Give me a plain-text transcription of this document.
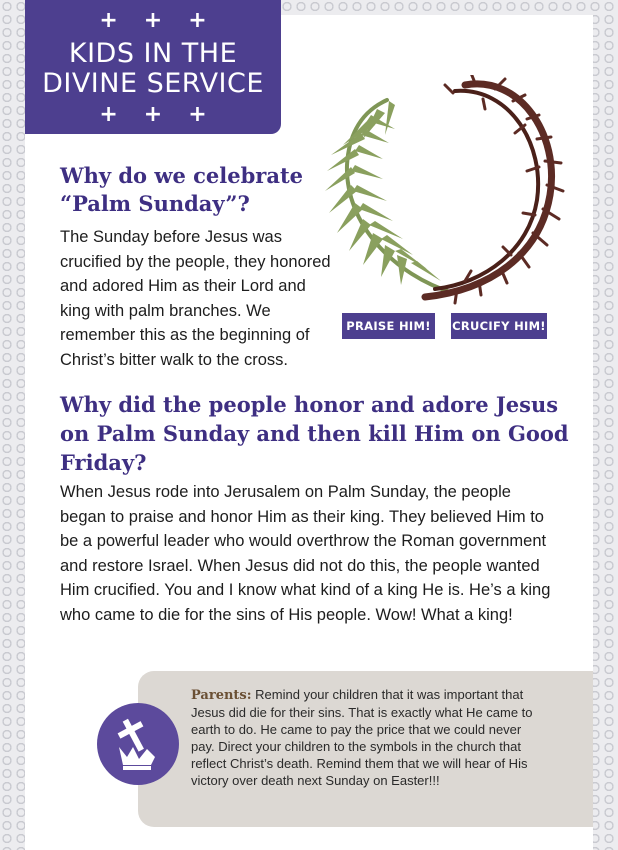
+++
KIDS IN THE
DIVINE SERVICE
+++
Why do we celebrate “Palm Sunday”?

The Sunday before Jesus was crucified by the people, they honored and adored Him as their Lord and king with palm branches. We remember this as the beginning of Christ’s bitter walk to the cross.

PRAISE HIM!	CRUCIFY HIM!
Why did the people honor and adore Jesus on Palm Sunday and then kill Him on Good Friday?

When Jesus rode into Jerusalem on Palm Sunday, the people began to praise and honor Him as their king. They believed Him to be a powerful leader who would overthrow the Roman government and restore Israel. When Jesus did not do this, the people wanted Him crucified. You and I know what kind of a king He is. He’s a king who came to die for the sins of His people. Wow! What a king!

Parents: Remind your children that it was important that Jesus did die for their sins. That is exactly what He came to earth to do. He came to pay the price that we could never pay. Direct your children to the symbols in the church that reflect Christ’s death. Remind them that we will hear of His victory over death next Sunday on Easter!!!
